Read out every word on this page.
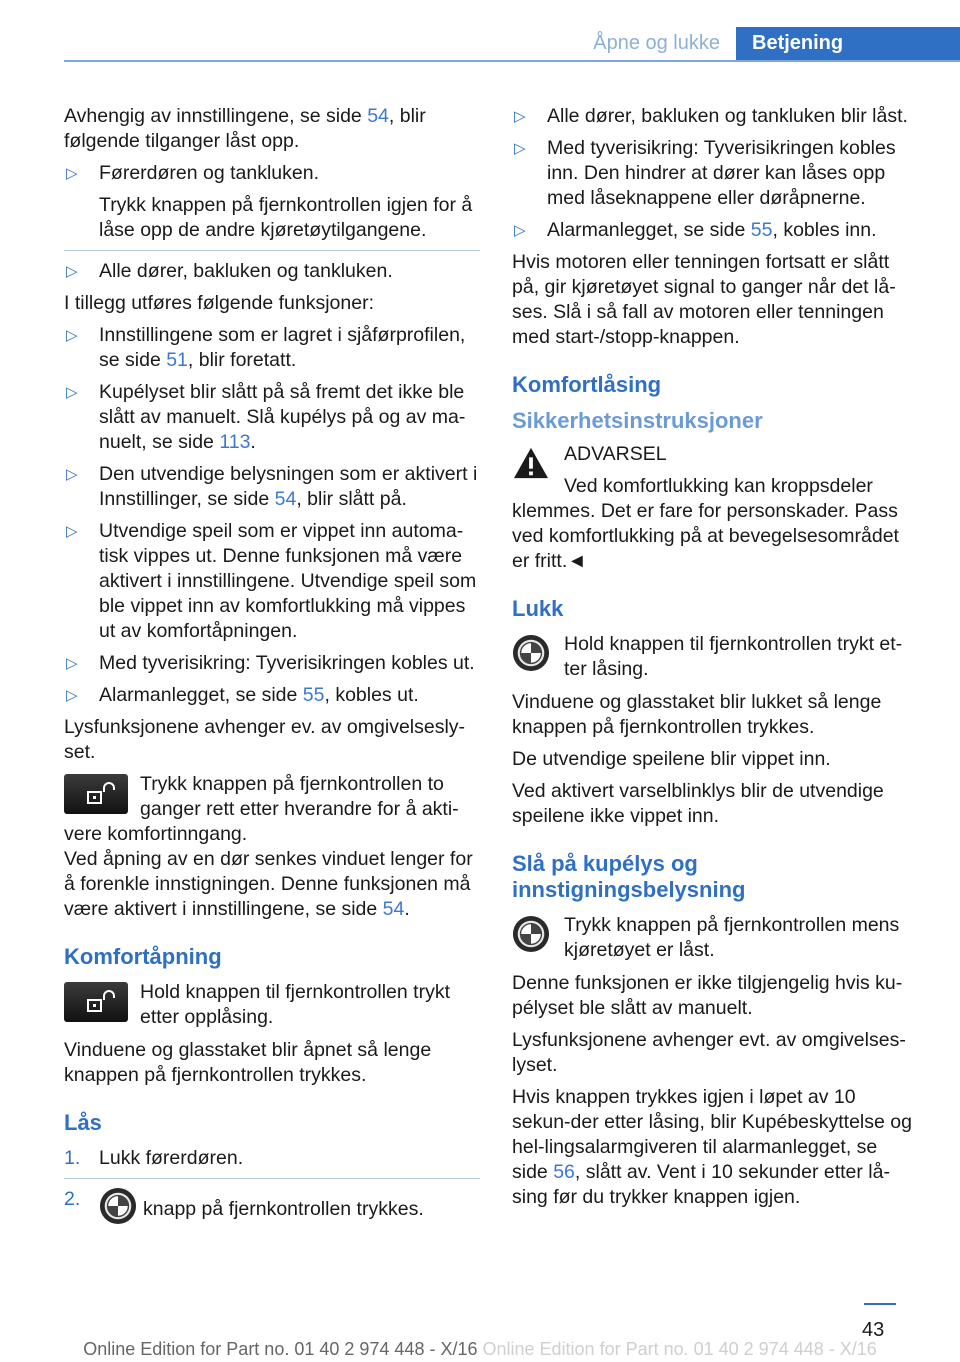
Åpne og lukke	Betjening

Avhengig av innstillingene, se side 54, blir følgende tilganger låst opp.

▷ Førerdøren og tankluken.
Trykk knappen på fjernkontrollen igjen for å låse opp de andre kjøretøytilgangene.
▷ Alle dører, bakluken og tankluken.

I tillegg utføres følgende funksjoner:

▷ Innstillingene som er lagret i sjåførprofilen, se side 51, blir foretatt.
▷ Kupélyset blir slått på så fremt det ikke ble slått av manuelt. Slå kupélys på og av ma-nuelt, se side 113.
▷ Den utvendige belysningen som er aktivert i Innstillinger, se side 54, blir slått på.
▷ Utvendige speil som er vippet inn automa-tisk vippes ut. Denne funksjonen må være aktivert i innstillingene. Utvendige speil som ble vippet inn av komfortlukking må vippes ut av komfortåpningen.
▷ Med tyverisikring: Tyverisikringen kobles ut.
▷ Alarmanlegget, se side 55, kobles ut.

Lysfunksjonene avhenger ev. av omgivelsesly-set.

Trykk knappen på fjernkontrollen to ganger rett etter hverandre for å akti-vere komfortinngang.

Ved åpning av en dør senkes vinduet lenger for å forenkle innstigningen. Denne funksjonen må være aktivert i innstillingene, se side 54.

Komfortåpning
Hold knappen til fjernkontrollen trykt etter opplåsing.

Vinduene og glasstaket blir åpnet så lenge knappen på fjernkontrollen trykkes.

Lås
1. Lukk førerdøren.
2.	knapp på fjernkontrollen trykkes.
▷ Alle dører, bakluken og tankluken blir låst.
▷ Med tyverisikring: Tyverisikringen kobles inn. Den hindrer at dører kan låses opp med låseknappene eller døråpnerne.
▷ Alarmanlegget, se side 55, kobles inn.

Hvis motoren eller tenningen fortsatt er slått på, gir kjøretøyet signal to ganger når det lå-ses. Slå i så fall av motoren eller tenningen med start-/stopp-knappen.

Komfortlåsing
Sikkerhetsinstruksjoner
ADVARSEL
Ved komfortlukking kan kroppsdeler klemmes. Det er fare for personskader. Pass ved komfortlukking på at bevegelsesområdet er fritt.◄
Lukk
Hold knappen til fjernkontrollen trykt et-ter låsing.

Vinduene og glasstaket blir lukket så lenge knappen på fjernkontrollen trykkes.

De utvendige speilene blir vippet inn.

Ved aktivert varselblinklys blir de utvendige speilene ikke vippet inn.

Slå på kupélys og innstigningsbelysning
Trykk knappen på fjernkontrollen mens kjøretøyet er låst.

Denne funksjonen er ikke tilgjengelig hvis ku-pélyset ble slått av manuelt.

Lysfunksjonene avhenger evt. av omgivelses-lyset.

Hvis knappen trykkes igjen i løpet av 10 sekun-der etter låsing, blir Kupébeskyttelse og hel-lingsalarmgiveren til alarmanlegget, se side 56, slått av. Vent i 10 sekunder etter lå-sing før du trykker knappen igjen.

43
Online Edition for Part no. 01 40 2 974 448 - X/16 Online Edition for Part no. 01 40 2 974 448 - X/16
